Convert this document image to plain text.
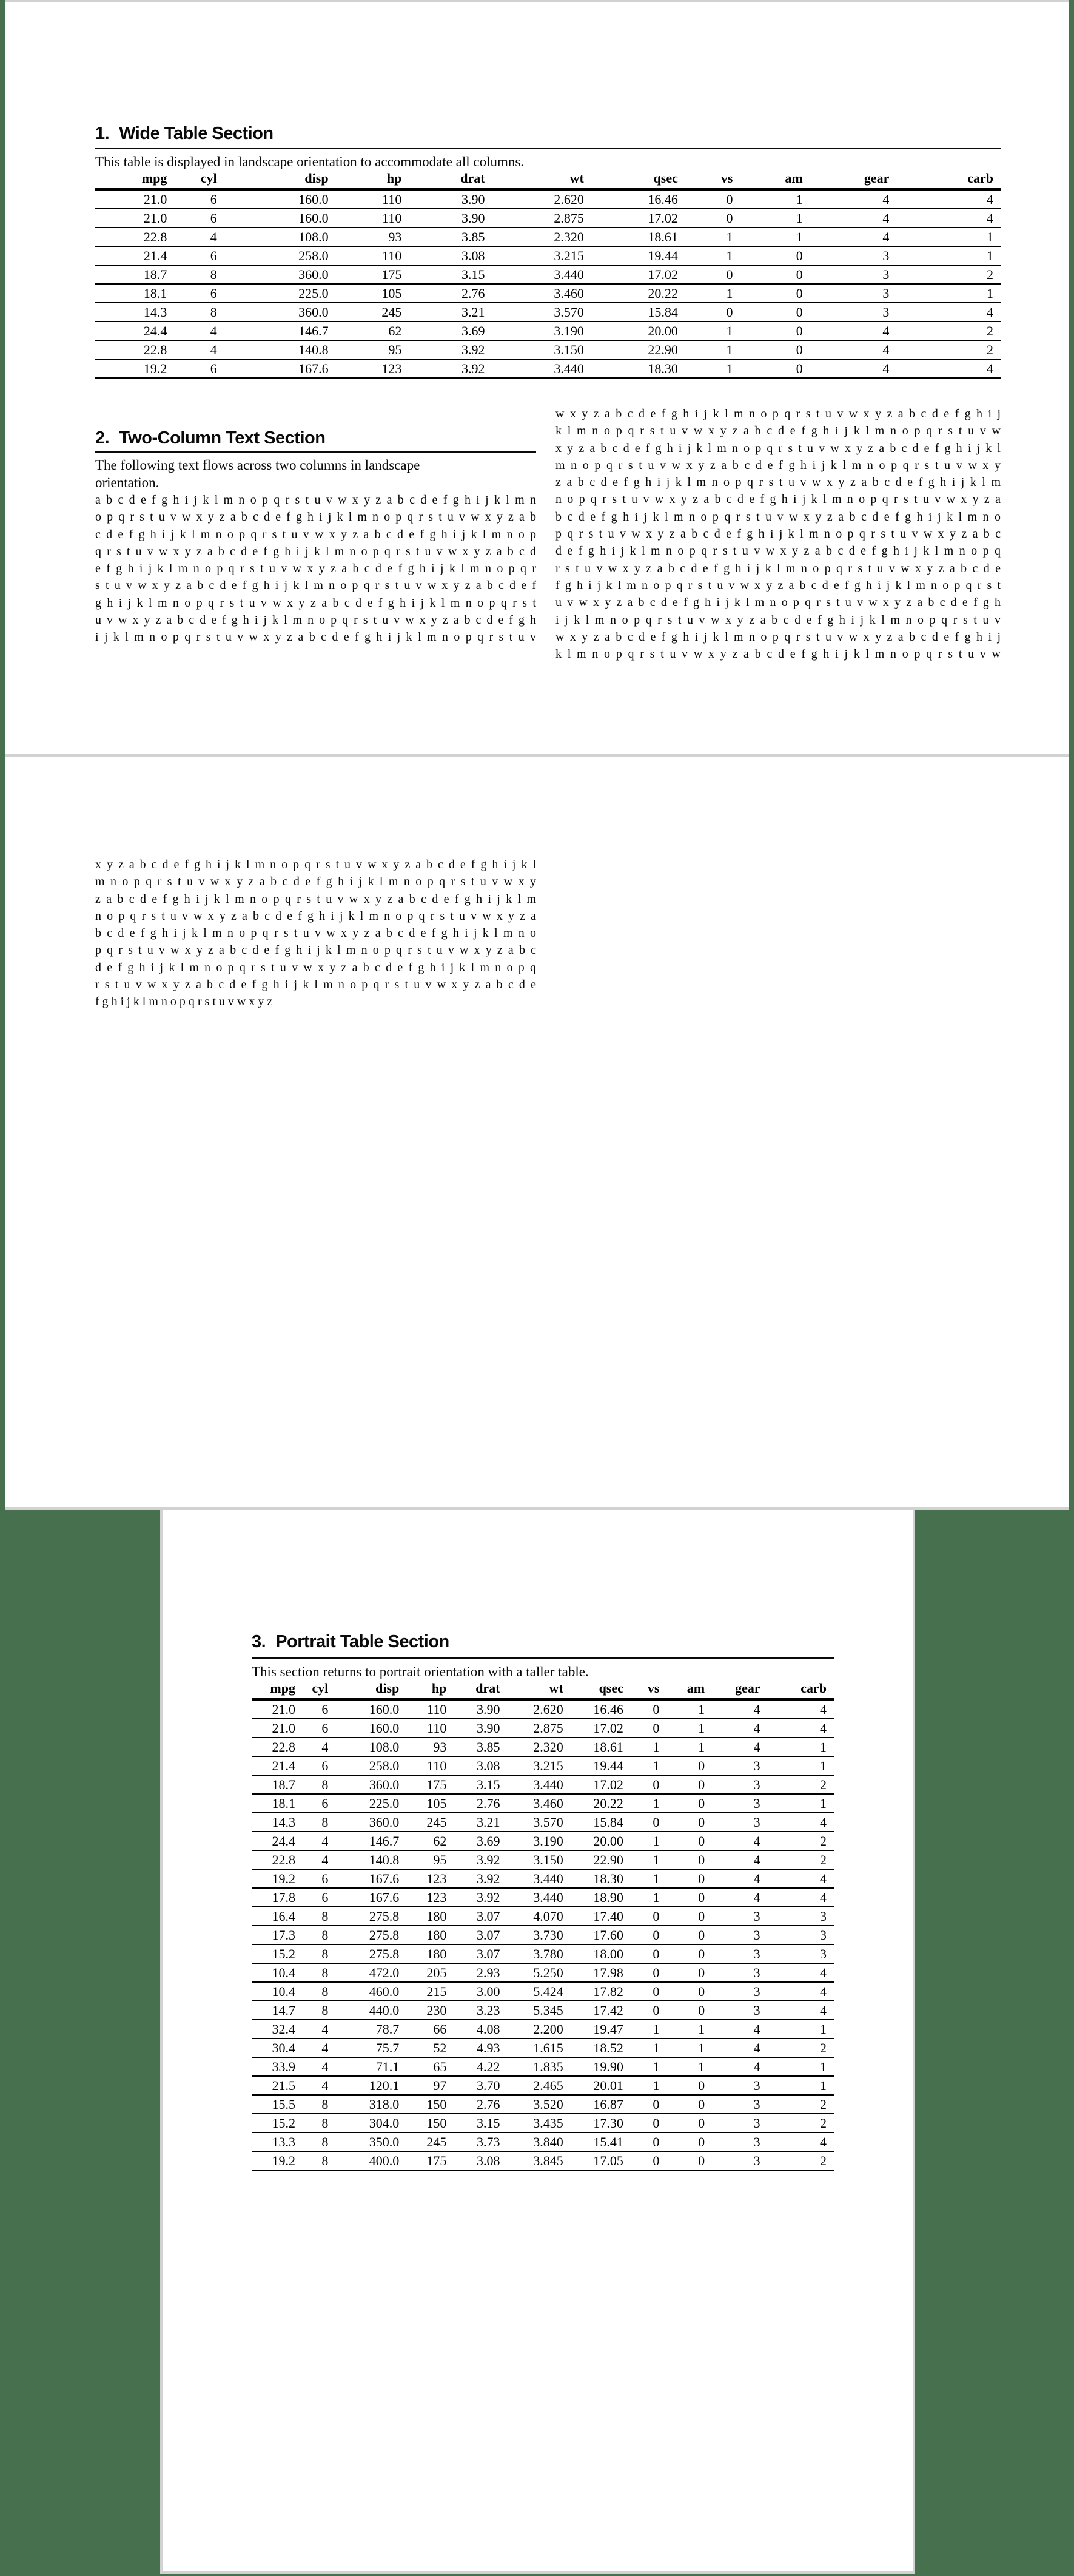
1. Wide Table Section
This table is displayed in landscape orientation to accommodate all columns.
mpg	cyl	disp	hp	drat	wt	qsec	vs	am	gear	carb
21.0	6	160.0	110	3.90	2.620	16.46	0	1	4	4
21.0	6	160.0	110	3.90	2.875	17.02	0	1	4	4
22.8	4	108.0	93	3.85	2.320	18.61	1	1	4	1
21.4	6	258.0	110	3.08	3.215	19.44	1	0	3	1
18.7	8	360.0	175	3.15	3.440	17.02	0	0	3	2
18.1	6	225.0	105	2.76	3.460	20.22	1	0	3	1
14.3	8	360.0	245	3.21	3.570	15.84	0	0	3	4
24.4	4	146.7	62	3.69	3.190	20.00	1	0	4	2
22.8	4	140.8	95	3.92	3.150	22.90	1	0	4	2
19.2	6	167.6	123	3.92	3.440	18.30	1	0	4	4
2. Two-Column Text Section
The following text flows across two columns in landscape
orientation.
a b c d e f g h i j k l m n o p q r s t u v w x y z a b c d e f g h i j k l m n
o p q r s t u v w x y z a b c d e f g h i j k l m n o p q r s t u v w x y z a b
c d e f g h i j k l m n o p q r s t u v w x y z a b c d e f g h i j k l m n o p
q r s t u v w x y z a b c d e f g h i j k l m n o p q r s t u v w x y z a b c d
e f g h i j k l m n o p q r s t u v w x y z a b c d e f g h i j k l m n o p q r
s t u v w x y z a b c d e f g h i j k l m n o p q r s t u v w x y z a b c d e f
g h i j k l m n o p q r s t u v w x y z a b c d e f g h i j k l m n o p q r s t
u v w x y z a b c d e f g h i j k l m n o p q r s t u v w x y z a b c d e f g h
i j k l m n o p q r s t u v w x y z a b c d e f g h i j k l m n o p q r s t u v
w x y z a b c d e f g h i j k l m n o p q r s t u v w x y z a b c d e f g h i j
k l m n o p q r s t u v w x y z a b c d e f g h i j k l m n o p q r s t u v w
x y z a b c d e f g h i j k l m n o p q r s t u v w x y z a b c d e f g h i j k l
m n o p q r s t u v w x y z a b c d e f g h i j k l m n o p q r s t u v w x y
z a b c d e f g h i j k l m n o p q r s t u v w x y z a b c d e f g h i j k l m
n o p q r s t u v w x y z a b c d e f g h i j k l m n o p q r s t u v w x y z a
b c d e f g h i j k l m n o p q r s t u v w x y z a b c d e f g h i j k l m n o
p q r s t u v w x y z a b c d e f g h i j k l m n o p q r s t u v w x y z a b c
d e f g h i j k l m n o p q r s t u v w x y z a b c d e f g h i j k l m n o p q
r s t u v w x y z a b c d e f g h i j k l m n o p q r s t u v w x y z a b c d e
f g h i j k l m n o p q r s t u v w x y z a b c d e f g h i j k l m n o p q r s t
u v w x y z a b c d e f g h i j k l m n o p q r s t u v w x y z a b c d e f g h
i j k l m n o p q r s t u v w x y z a b c d e f g h i j k l m n o p q r s t u v
w x y z a b c d e f g h i j k l m n o p q r s t u v w x y z a b c d e f g h i j
k l m n o p q r s t u v w x y z a b c d e f g h i j k l m n o p q r s t u v w
x y z a b c d e f g h i j k l m n o p q r s t u v w x y z a b c d e f g h i j k l
m n o p q r s t u v w x y z a b c d e f g h i j k l m n o p q r s t u v w x y
z a b c d e f g h i j k l m n o p q r s t u v w x y z a b c d e f g h i j k l m
n o p q r s t u v w x y z a b c d e f g h i j k l m n o p q r s t u v w x y z a
b c d e f g h i j k l m n o p q r s t u v w x y z a b c d e f g h i j k l m n o
p q r s t u v w x y z a b c d e f g h i j k l m n o p q r s t u v w x y z a b c
d e f g h i j k l m n o p q r s t u v w x y z a b c d e f g h i j k l m n o p q
r s t u v w x y z a b c d e f g h i j k l m n o p q r s t u v w x y z a b c d e
f g h i j k l m n o p q r s t u v w x y z
3. Portrait Table Section
This section returns to portrait orientation with a taller table.
mpg	cyl	disp	hp	drat	wt	qsec	vs	am	gear	carb
21.0	6	160.0	110	3.90	2.620	16.46	0	1	4	4
21.0	6	160.0	110	3.90	2.875	17.02	0	1	4	4
22.8	4	108.0	93	3.85	2.320	18.61	1	1	4	1
21.4	6	258.0	110	3.08	3.215	19.44	1	0	3	1
18.7	8	360.0	175	3.15	3.440	17.02	0	0	3	2
18.1	6	225.0	105	2.76	3.460	20.22	1	0	3	1
14.3	8	360.0	245	3.21	3.570	15.84	0	0	3	4
24.4	4	146.7	62	3.69	3.190	20.00	1	0	4	2
22.8	4	140.8	95	3.92	3.150	22.90	1	0	4	2
19.2	6	167.6	123	3.92	3.440	18.30	1	0	4	4
17.8	6	167.6	123	3.92	3.440	18.90	1	0	4	4
16.4	8	275.8	180	3.07	4.070	17.40	0	0	3	3
17.3	8	275.8	180	3.07	3.730	17.60	0	0	3	3
15.2	8	275.8	180	3.07	3.780	18.00	0	0	3	3
10.4	8	472.0	205	2.93	5.250	17.98	0	0	3	4
10.4	8	460.0	215	3.00	5.424	17.82	0	0	3	4
14.7	8	440.0	230	3.23	5.345	17.42	0	0	3	4
32.4	4	78.7	66	4.08	2.200	19.47	1	1	4	1
30.4	4	75.7	52	4.93	1.615	18.52	1	1	4	2
33.9	4	71.1	65	4.22	1.835	19.90	1	1	4	1
21.5	4	120.1	97	3.70	2.465	20.01	1	0	3	1
15.5	8	318.0	150	2.76	3.520	16.87	0	0	3	2
15.2	8	304.0	150	3.15	3.435	17.30	0	0	3	2
13.3	8	350.0	245	3.73	3.840	15.41	0	0	3	4
19.2	8	400.0	175	3.08	3.845	17.05	0	0	3	2
